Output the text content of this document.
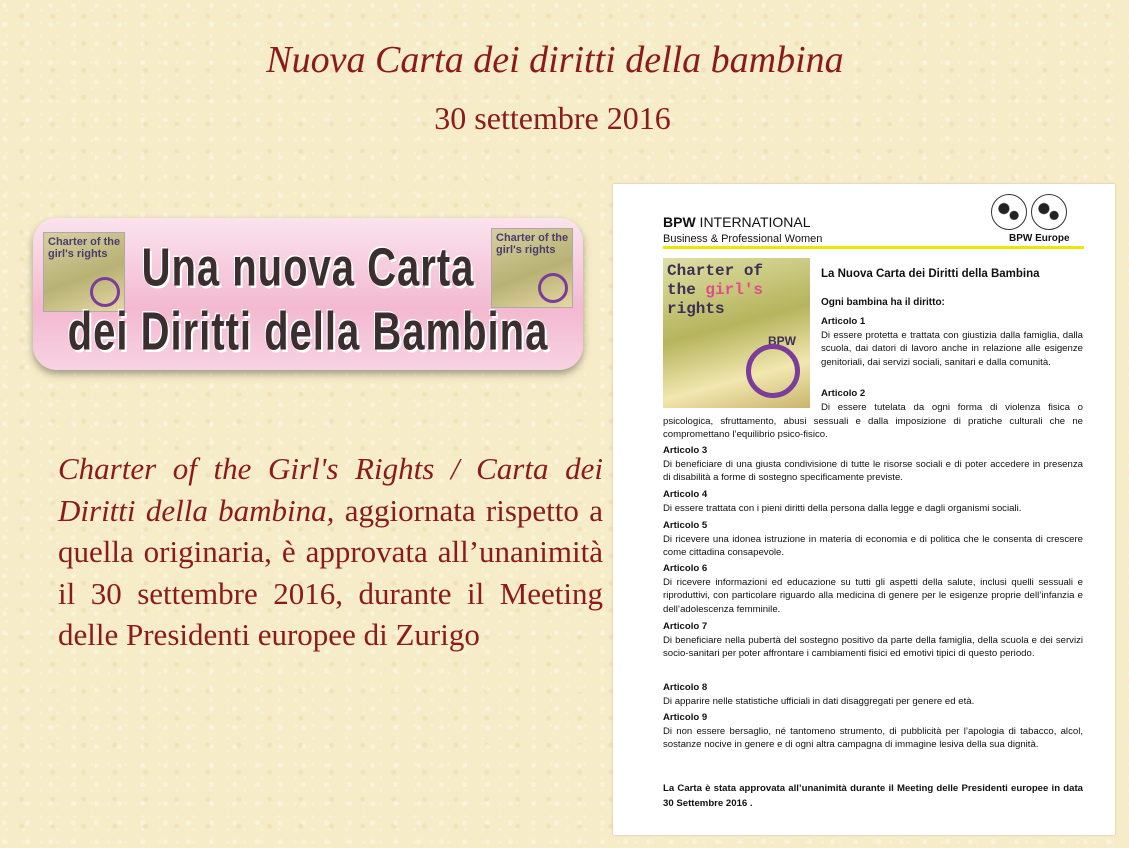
Nuova Carta dei diritti della bambina
30 settembre 2016
Charter of the girl's rights
Charter of the girl's rights
Una nuova Carta
dei Diritti della Bambina
Charter of the Girl's Rights / Carta dei Diritti della bambina, aggiornata rispetto a quella originaria, è approvata all’unanimità il 30 settembre 2016, durante il Meeting delle Presidenti europee di Zurigo
BPW INTERNATIONAL
Business & Professional Women	BPW Europe
Charter of
the girl's
rights
BPW
La Nuova Carta dei Diritti della Bambina
Ogni bambina ha il diritto:
Articolo 1
Di essere protetta e trattata con giustizia dalla famiglia, dalla scuola, dai datori di lavoro anche in relazione alle esigenze genitoriali, dai servizi sociali, sanitari e dalla comunità.
Articolo 2
Di essere tutelata da ogni forma di violenza fisica o psicologica, sfruttamento, abusi sessuali e dalla imposizione di pratiche culturali che ne compromettano l’equilibrio psico-fisico.
Articolo 3
Di beneficiare di una giusta condivisione di tutte le risorse sociali e di poter accedere in presenza di disabilità a forme di sostegno specificamente previste.
Articolo 4
Di essere trattata con i pieni diritti della persona dalla legge e dagli organismi sociali.
Articolo 5
Di ricevere una idonea istruzione in materia di economia e di politica che le consenta di crescere come cittadina consapevole.
Articolo 6
Di ricevere informazioni ed educazione su tutti gli aspetti della salute, inclusi quelli sessuali e riproduttivi, con particolare riguardo alla medicina di genere per le esigenze proprie dell’infanzia e dell’adolescenza femminile.
Articolo 7
Di beneficiare nella pubertà del sostegno positivo da parte della famiglia, della scuola e dei servizi socio-sanitari per poter affrontare i cambiamenti fisici ed emotivi tipici di questo periodo.
Articolo 8
Di apparire nelle statistiche ufficiali in dati disaggregati per genere ed età.
Articolo 9
Di non essere bersaglio, né tantomeno strumento, di pubblicità per l’apologia di tabacco, alcol, sostanze nocive in genere e di ogni altra campagna di immagine lesiva della sua dignità.
La Carta è stata approvata all’unanimità durante il Meeting delle Presidenti europee in data 30 Settembre 2016 .
